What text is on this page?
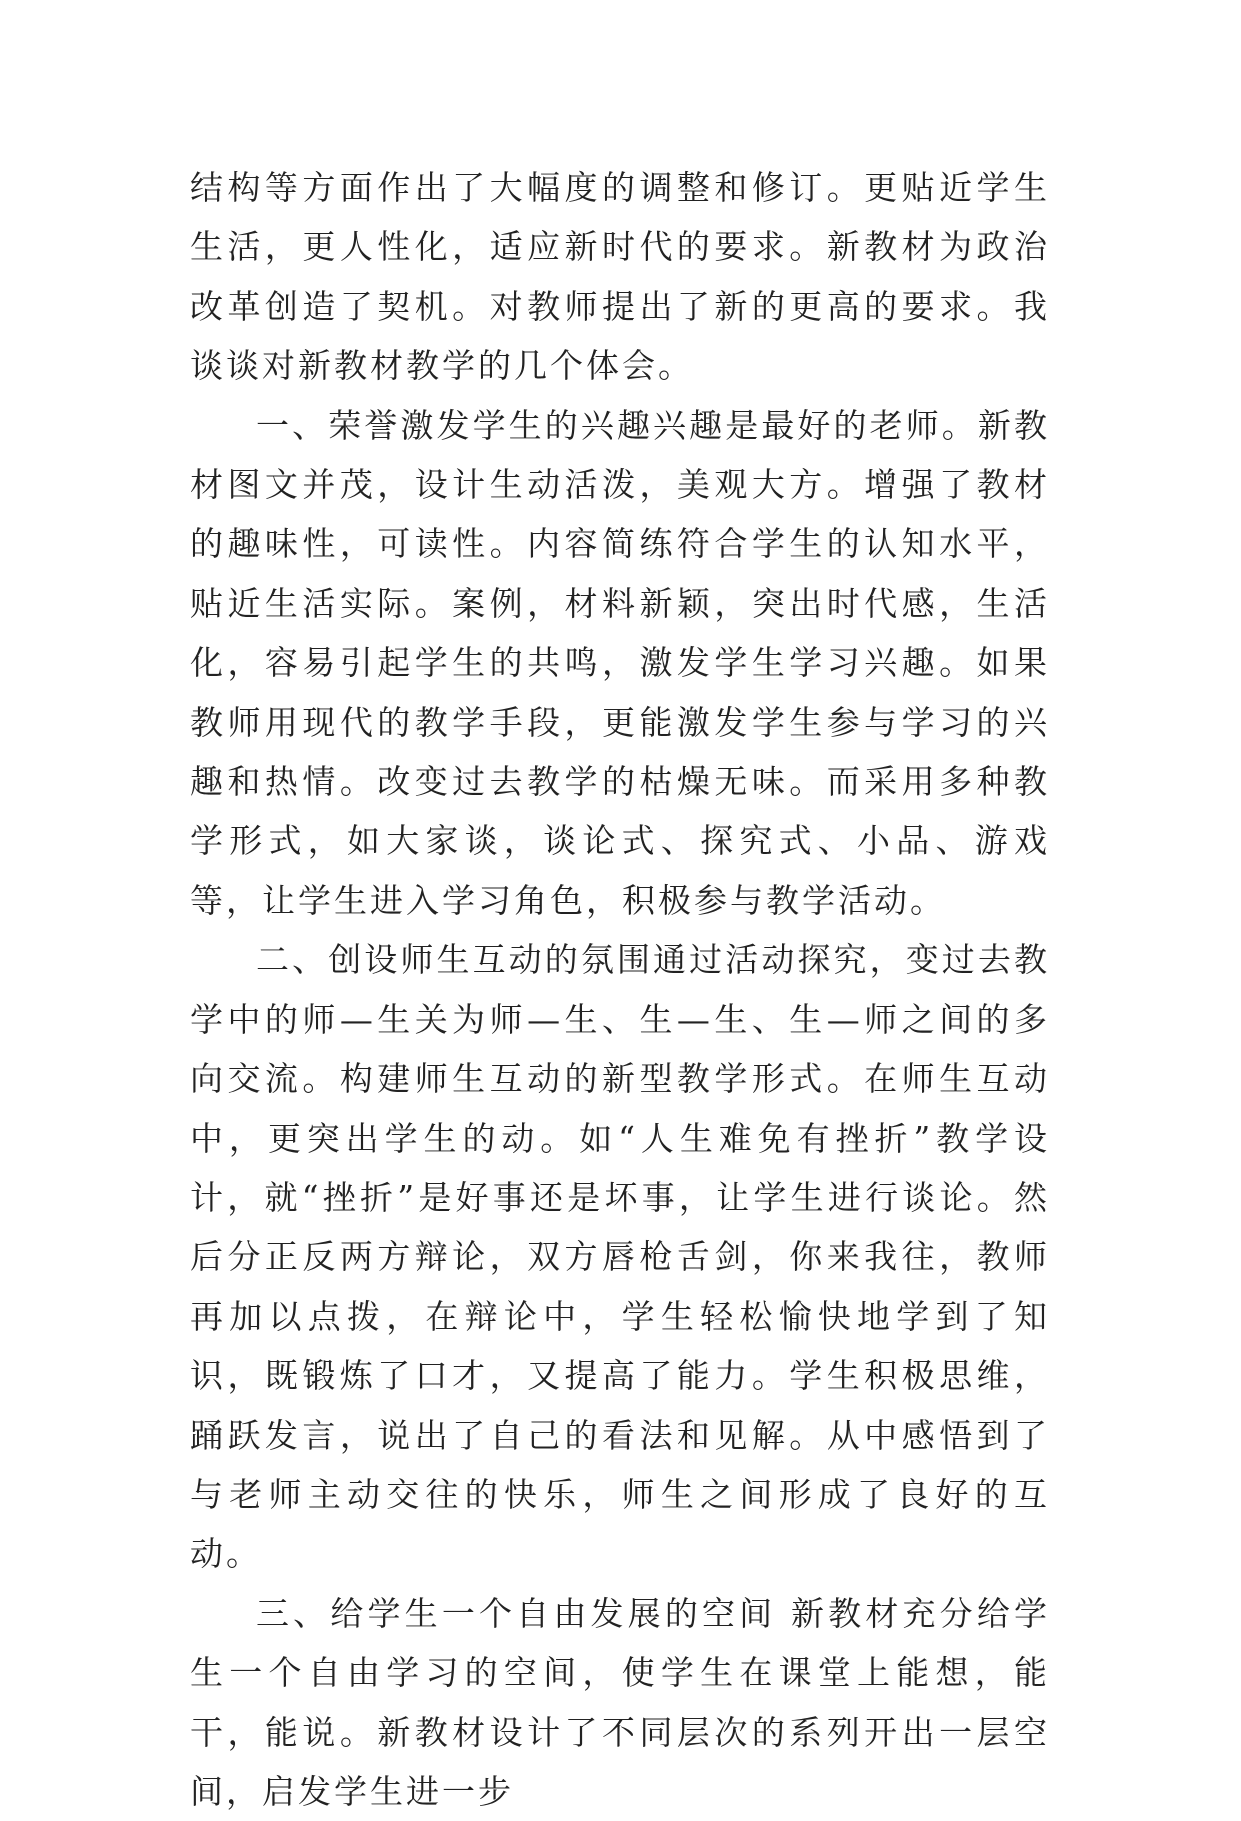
结构等方面作出了大幅度的调整和修订。更贴近学生生活，更人性化，适应新时代的要求。新教材为政治改革创造了契机。对教师提出了新的更高的要求。我谈谈对新教材教学的几个体会。

一、荣誉激发学生的兴趣兴趣是最好的老师。新教材图文并茂，设计生动活泼，美观大方。增强了教材的趣味性，可读性。内容简练符合学生的认知水平，贴近生活实际。案例，材料新颖，突出时代感，生活化，容易引起学生的共鸣，激发学生学习兴趣。如果教师用现代的教学手段，更能激发学生参与学习的兴趣和热情。改变过去教学的枯燥无味。而采用多种教学形式，如大家谈，谈论式、探究式、小品、游戏等，让学生进入学习角色，积极参与教学活动。

二、创设师生互动的氛围通过活动探究，变过去教学中的师—生关为师—生、生—生、生—师之间的多向交流。构建师生互动的新型教学形式。在师生互动中，更突出学生的动。如“人生难免有挫折”教学设计，就“挫折”是好事还是坏事，让学生进行谈论。然后分正反两方辩论，双方唇枪舌剑，你来我往，教师再加以点拨，在辩论中，学生轻松愉快地学到了知识，既锻炼了口才，又提高了能力。学生积极思维，踊跃发言，说出了自己的看法和见解。从中感悟到了与老师主动交往的快乐，师生之间形成了良好的互动。

三、给学生一个自由发展的空间 新教材充分给学生一个自由学习的空间，使学生在课堂上能想，能干，能说。新教材设计了不同层次的系列开出一层空间，启发学生进一步
